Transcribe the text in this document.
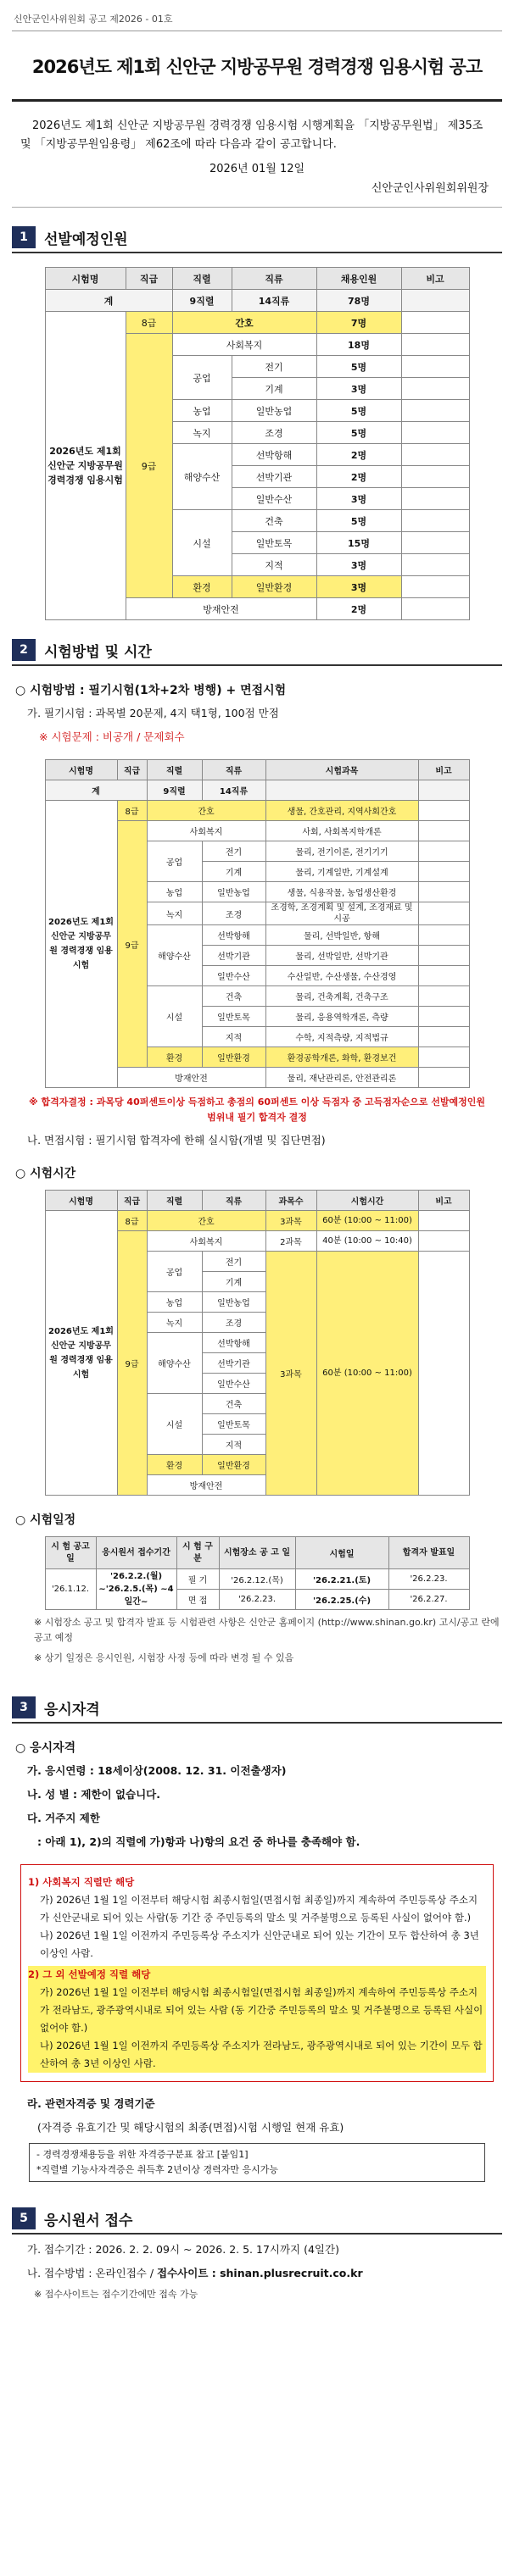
신안군인사위원회 공고 제2026 - 01호
2026년도 제1회 신안군 지방공무원 경력경쟁 임용시험 공고
2026년도 제1회 신안군 지방공무원 경력경쟁 임용시험 시행계획을 「지방공무원법」 제35조 및 「지방공무원임용령」 제62조에 따라 다음과 같이 공고합니다.
2026년 01월 12일
신안군인사위원회위원장
1	선발예정인원
시험명	직급	직렬	직류	채용인원	비고
계		9직렬	14직류	78명	
2026년도 제1회 신안군 지방공무원 경력경쟁 임용시험	8급	간호		7명	
	9급	사회복지		18명	
		공업	전기	5명	
			기계	3명	
		농업	일반농업	5명	
		녹지	조경	5명	
		해양수산	선박항해	2명	
			선박기관	2명	
			일반수산	3명	
		시설	건축	5명	
			일반토목	15명	
			지적	3명	
		환경	일반환경	3명	
	방재안전			2명	
2	시험방법 및 시간
○ 시험방법 : 필기시험(1차+2차 병행) + 면접시험
가. 필기시험 : 과목별 20문제, 4지 택1형, 100점 만점
※ 시험문제 : 비공개 / 문제회수
시험명	직급	직렬	직류	시험과목	비고
계		9직렬	14직류		
2026년도 제1회 신안군 지방공무원 경력경쟁 임용시험	8급	간호		생물, 간호관리, 지역사회간호	
	9급	사회복지		사회, 사회복지학개론	
		공업	전기	물리, 전기이론, 전기기기	
			기계	물리, 기계일반, 기계설계	
		농업	일반농업	생물, 식용작물, 농업생산환경	
		녹지	조경	조경학, 조경계획 및 설계, 조경재료 및 시공	
		해양수산	선박항해	물리, 선박일반, 항해	
			선박기관	물리, 선박일반, 선박기관	
			일반수산	수산일반, 수산생물, 수산경영	
		시설	건축	물리, 건축계획, 건축구조	
			일반토목	물리, 응용역학개론, 측량	
			지적	수학, 지적측량, 지적법규	
		환경	일반환경	환경공학개론, 화학, 환경보건	
	방재안전			물리, 재난관리론, 안전관리론	
※ 합격자결정 : 과목당 40퍼센트이상 득점하고 총점의 60퍼센트 이상 득점자 중 고득점자순으로 선발예정인원 범위내 필기 합격자 결정
나. 면접시험 : 필기시험 합격자에 한해 실시함(개별 및 집단면접)
○ 시험시간
시험명	직급	직렬	직류	과목수	시험시간	비고
2026년도 제1회 신안군 지방공무원 경력경쟁 임용시험	8급	간호		3과목	60분 (10:00 ~ 11:00)	
	9급	사회복지		2과목	40분 (10:00 ~ 10:40)	
		공업	전기	3과목	60분 (10:00 ~ 11:00)	
			기계			
		농업	일반농업			
		녹지	조경			
		해양수산	선박항해			
			선박기관			
			일반수산			
		시설	건축			
			일반토목			
			지적			
		환경	일반환경			
		방재안전				
○ 시험일정
시 험 공고일	응시원서 접수기간	시 험 구 분	시험장소 공 고 일	시험일	합격자 발표일
'26.1.12.	'26.2.2.(월) ~'26.2.5.(목) ~4일간~	필 기	'26.2.12.(목)	'26.2.21.(토)	'26.2.23.
		면 접	'26.2.23.	'26.2.25.(수)	'26.2.27.
※ 시험장소 공고 및 합격자 발표 등 시험관련 사항은 신안군 홈페이지 (http://www.shinan.go.kr) 고시/공고 란에 공고 예정
※ 상기 일정은 응시인원, 시험장 사정 등에 따라 변경 될 수 있음
3	응시자격
○ 응시자격
가. 응시연령 : 18세이상(2008. 12. 31. 이전출생자)
나. 성 별 : 제한이 없습니다.
다. 거주지 제한
: 아래 1), 2)의 직렬에 가)항과 나)항의 요건 중 하나를 충족해야 함.
1) 사회복지 직렬만 해당
가) 2026년 1월 1일 이전부터 해당시험 최종시험일(면접시험 최종일)까지 계속하여 주민등록상 주소지가 신안군내로 되어 있는 사람(동 기간 중 주민등록의 말소 및 거주불명으로 등록된 사실이 없어야 함.)
나) 2026년 1월 1일 이전까지 주민등록상 주소지가 신안군내로 되어 있는 기간이 모두 합산하여 총 3년 이상인 사람.
2) 그 외 선발예정 직렬 해당
가) 2026년 1월 1일 이전부터 해당시험 최종시험일(면접시험 최종일)까지 계속하여 주민등록상 주소지가 전라남도, 광주광역시내로 되어 있는 사람 (동 기간중 주민등록의 말소 및 거주불명으로 등록된 사실이 없어야 함.)
나) 2026년 1월 1일 이전까지 주민등록상 주소지가 전라남도, 광주광역시내로 되어 있는 기간이 모두 합산하여 총 3년 이상인 사람.
라. 관련자격증 및 경력기준
(자격증 유효기간 및 해당시험의 최종(면접)시험 시행일 현재 유효)
- 경력경쟁채용등을 위한 자격증구분표 참고 [붙임1]
*직렬별 기능사자격증은 취득후 2년이상 경력자만 응시가능
5	응시원서 접수
가. 접수기간 : 2026. 2. 2. 09시 ~ 2026. 2. 5. 17시까지 (4일간)
나. 접수방법 : 온라인접수 / 접수사이트 : shinan.plusrecruit.co.kr
※ 접수사이트는 접수기간에만 접속 가능
